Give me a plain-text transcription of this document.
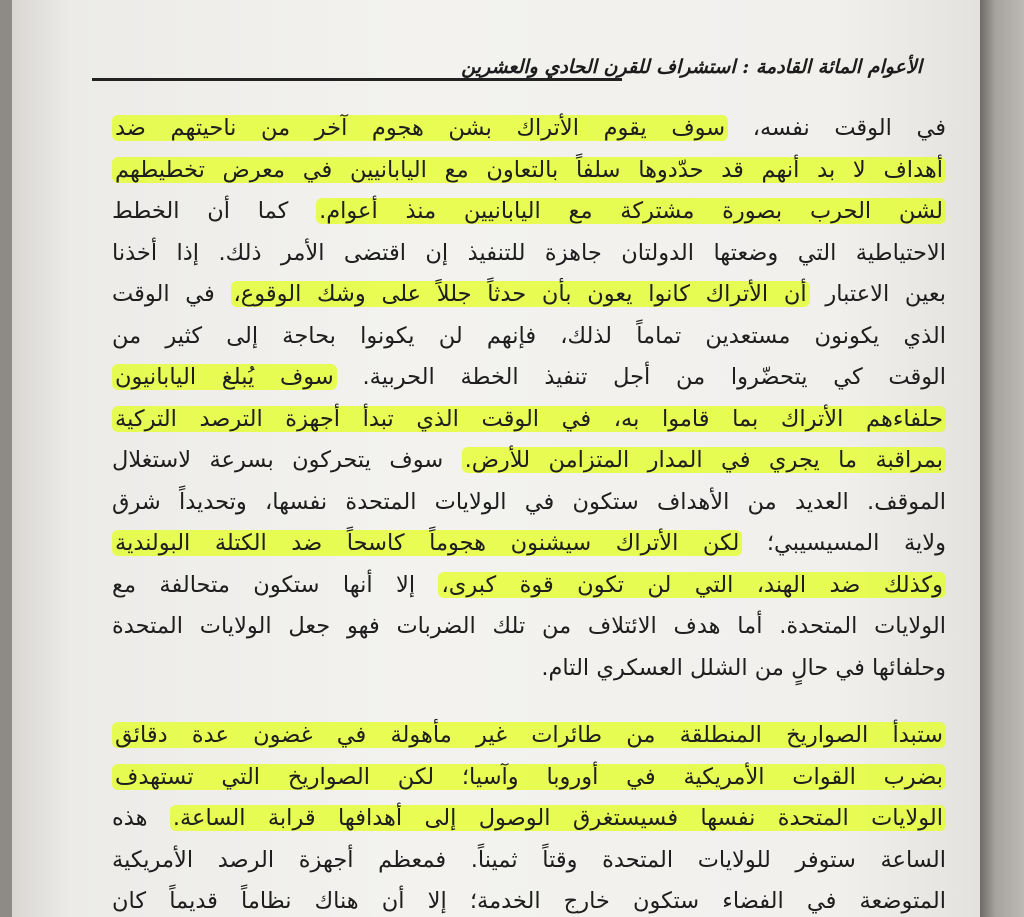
الأعوام المائة القادمة : استشراف للقرن الحادي والعشرين
في الوقت نفسه، سوف يقوم الأتراك بشن هجوم آخر من ناحيتهم ضد
أهداف لا بد أنهم قد حدّدوها سلفاً بالتعاون مع اليابانيين في معرض تخطيطهم
لشن الحرب بصورة مشتركة مع اليابانيين منذ أعوام. كما أن الخطط
الاحتياطية التي وضعتها الدولتان جاهزة للتنفيذ إن اقتضى الأمر ذلك. إذا أخذنا
بعين الاعتبار أن الأتراك كانوا يعون بأن حدثاً جللاً على وشك الوقوع، في الوقت
الذي يكونون مستعدين تماماً لذلك، فإنهم لن يكونوا بحاجة إلى كثير من
الوقت كي يتحضّروا من أجل تنفيذ الخطة الحربية. سوف يُبلغ اليابانيون
حلفاءهم الأتراك بما قاموا به، في الوقت الذي تبدأ أجهزة الترصد التركية
بمراقبة ما يجري في المدار المتزامن للأرض. سوف يتحركون بسرعة لاستغلال
الموقف. العديد من الأهداف ستكون في الولايات المتحدة نفسها، وتحديداً شرق
ولاية المسيسيبي؛ لكن الأتراك سيشنون هجوماً كاسحاً ضد الكتلة البولندية
وكذلك ضد الهند، التي لن تكون قوة كبرى، إلا أنها ستكون متحالفة مع
الولايات المتحدة. أما هدف الائتلاف من تلك الضربات فهو جعل الولايات المتحدة
وحلفائها في حالٍ من الشلل العسكري التام.
ستبدأ الصواريخ المنطلقة من طائرات غير مأهولة في غضون عدة دقائق
بضرب القوات الأمريكية في أوروبا وآسيا؛ لكن الصواريخ التي تستهدف
الولايات المتحدة نفسها فسيستغرق الوصول إلى أهدافها قرابة الساعة. هذه
الساعة ستوفر للولايات المتحدة وقتاً ثميناً. فمعظم أجهزة الرصد الأمريكية
المتوضعة في الفضاء ستكون خارج الخدمة؛ إلا أن هناك نظاماً قديماً كان
